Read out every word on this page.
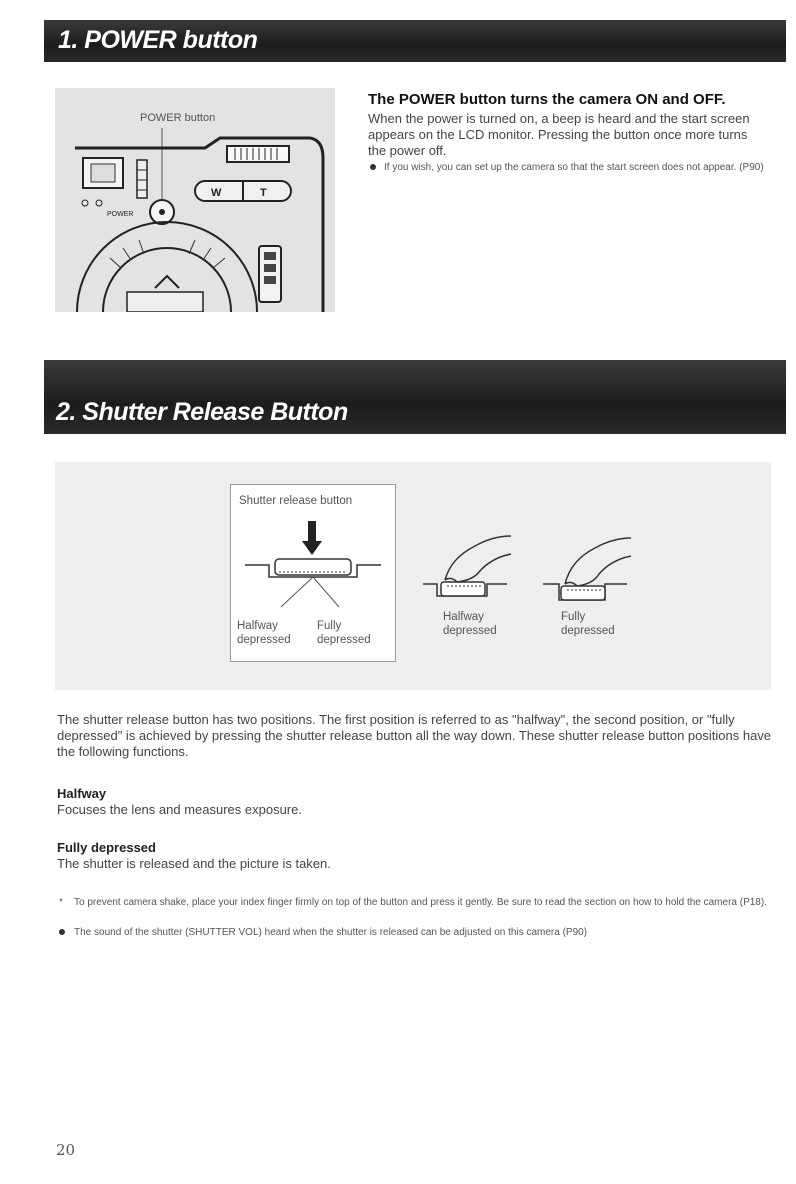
1. POWER button
POWER button
W	T
POWER
The POWER button turns the camera ON and OFF.
When the power is turned on, a beep is heard and the start screen appears on the LCD monitor. Pressing the button once more turns the power off.
If you wish, you can set up the camera so that the start screen does not appear. (P90)
2. Shutter Release Button
Shutter release button
Halfway
depressed
Fully
depressed
Halfway
depressed
Fully
depressed
The shutter release button has two positions. The first position is referred to as "halfway", the second position, or "fully depressed" is achieved by pressing the shutter release button all the way down. These shutter release button positions have the following functions.
Halfway
Focuses the lens and measures exposure.
Fully depressed
The shutter is released and the picture is taken.
* To prevent camera shake, place your index finger firmly on top of the button and press it gently. Be sure to read the section on how to hold the camera (P18).
The sound of the shutter (SHUTTER VOL) heard when the shutter is released can be adjusted on this camera (P90)
20
